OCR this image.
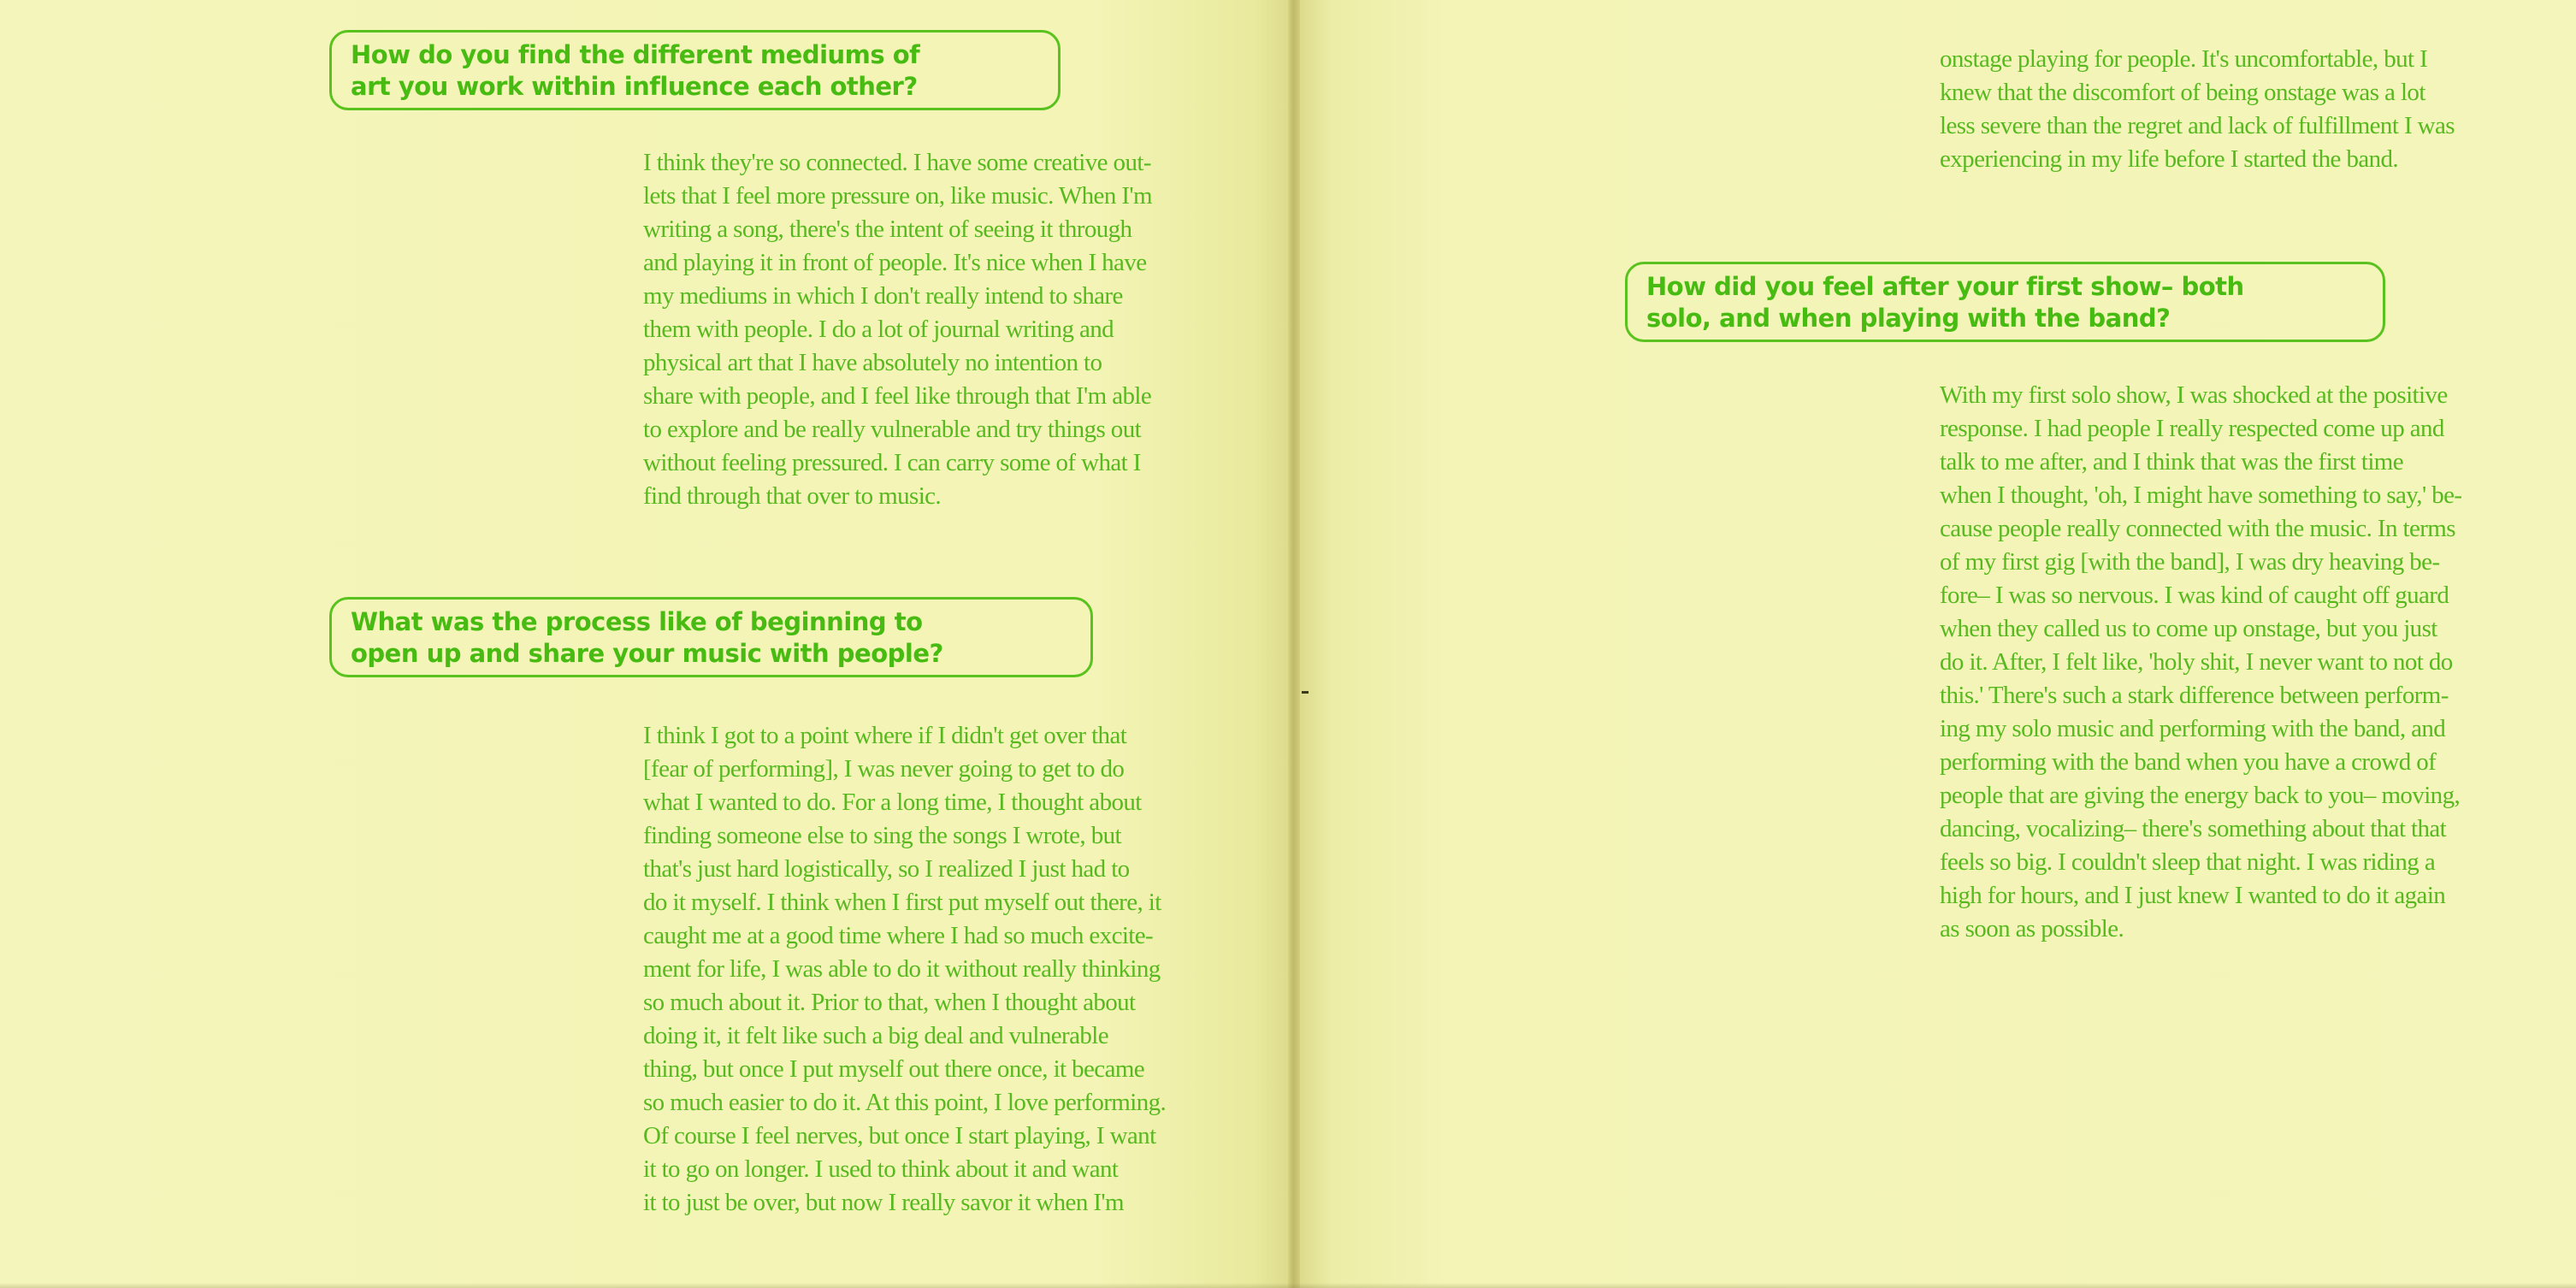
How do you find the different mediums of
art you work within influence each other?
I think they're so connected. I have some creative out-
lets that I feel more pressure on, like music. When I'm
writing a song, there's the intent of seeing it through
and playing it in front of people. It's nice when I have
my mediums in which I don't really intend to share
them with people. I do a lot of journal writing and
physical art that I have absolutely no intention to
share with people, and I feel like through that I'm able
to explore and be really vulnerable and try things out
without feeling pressured. I can carry some of what I
find through that over to music.
What was the process like of beginning to
open up and share your music with people?
I think I got to a point where if I didn't get over that
[fear of performing], I was never going to get to do
what I wanted to do. For a long time, I thought about
finding someone else to sing the songs I wrote, but
that's just hard logistically, so I realized I just had to
do it myself. I think when I first put myself out there, it
caught me at a good time where I had so much excite-
ment for life, I was able to do it without really thinking
so much about it. Prior to that, when I thought about
doing it, it felt like such a big deal and vulnerable
thing, but once I put myself out there once, it became
so much easier to do it. At this point, I love performing.
Of course I feel nerves, but once I start playing, I want
it to go on longer. I used to think about it and want
it to just be over, but now I really savor it when I'm
onstage playing for people. It's uncomfortable, but I
knew that the discomfort of being onstage was a lot
less severe than the regret and lack of fulfillment I was
experiencing in my life before I started the band.
How did you feel after your first show– both
solo, and when playing with the band?
With my first solo show, I was shocked at the positive
response. I had people I really respected come up and
talk to me after, and I think that was the first time
when I thought, 'oh, I might have something to say,' be-
cause people really connected with the music. In terms
of my first gig [with the band], I was dry heaving be-
fore– I was so nervous. I was kind of caught off guard
when they called us to come up onstage, but you just
do it. After, I felt like, 'holy shit, I never want to not do
this.' There's such a stark difference between perform-
ing my solo music and performing with the band, and
performing with the band when you have a crowd of
people that are giving the energy back to you– moving,
dancing, vocalizing– there's something about that that
feels so big. I couldn't sleep that night. I was riding a
high for hours, and I just knew I wanted to do it again
as soon as possible.
